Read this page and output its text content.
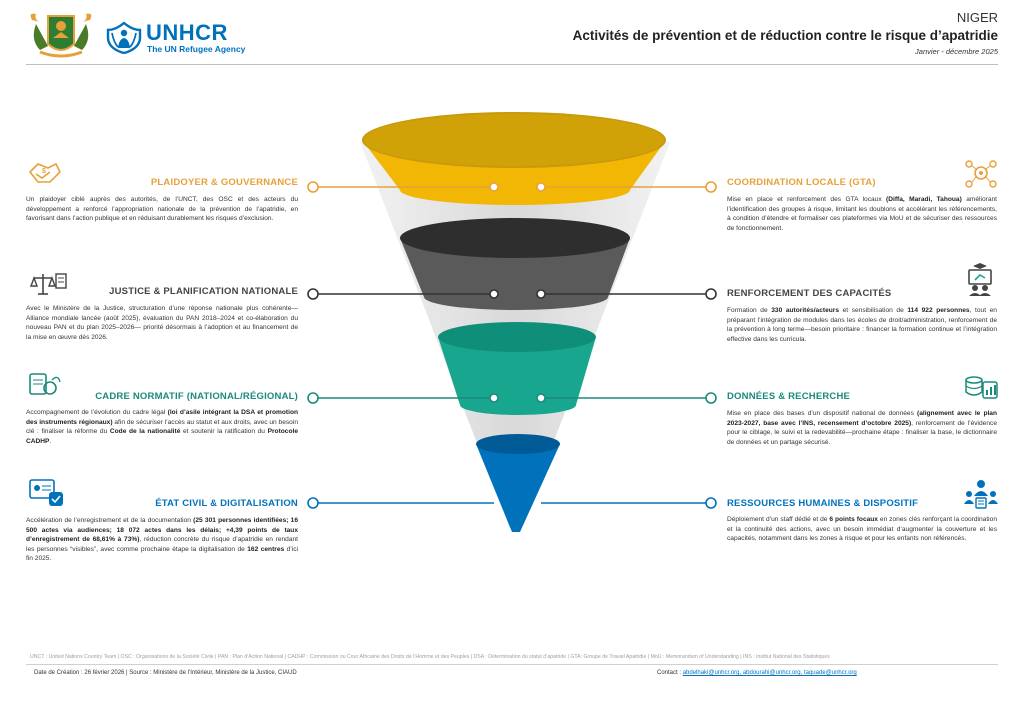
UNHCR
The UN Refugee Agency
NIGER
Activités de prévention et de réduction contre le risque d’apatridie
Janvier - décembre 2025
$
PLAIDOYER & GOUVERNANCE
Un plaidoyer ciblé auprès des autorités, de l’UNCT, des OSC et des acteurs du développement a renforcé l’appropriation nationale de la prévention de l’apatridie, en favorisant dans l’action publique et en réduisant durablement les risques d’exclusion.
JUSTICE & PLANIFICATION NATIONALE
Avec le Ministère de la Justice, structuration d’une réponse nationale plus cohérente—Alliance mondiale lancée (août 2025), évaluation du PAN 2018–2024 et co-élaboration du nouveau PAN et du plan 2025–2026— priorité désormais à l’adoption et au financement de la mise en œuvre dès 2026.
CADRE NORMATIF (NATIONAL/RÉGIONAL)
Accompagnement de l’évolution du cadre légal (loi d’asile intégrant la DSA et promotion des instruments régionaux) afin de sécuriser l’accès au statut et aux droits, avec un besoin clé : finaliser la réforme du Code de la nationalité et soutenir la ratification du Protocole CADHP.
ÉTAT CIVIL & DIGITALISATION
Accélération de l’enregistrement et de la documentation (25 301 personnes identifiées; 16 500 actes via audiences; 18 072 actes dans les délais; +4,39 points de taux d’enregistrement de 68,61% à 73%), réduction concrète du risque d’apatridie en rendant les personnes “visibles”, avec comme prochaine étape la digitalisation de 162 centres d’ici fin 2025.
COORDINATION LOCALE (GTA)
Mise en place et renforcement des GTA locaux (Diffa, Maradi, Tahoua) améliorant l’identification des groupes à risque, limitant les doublons et accélérant les référencements, à condition d’étendre et formaliser ces plateformes via MoU et de sécuriser des ressources de fonctionnement.
RENFORCEMENT DES CAPACITÉS
Formation de 330 autorités/acteurs et sensibilisation de 114 922 personnes, tout en préparant l’intégration de modules dans les écoles de droit/administration, renforcement de la prévention à long terme—besoin prioritaire : financer la formation continue et l’intégration effective dans les curricula.
DONNÉES & RECHERCHE
Mise en place des bases d’un dispositif national de données (alignement avec le plan 2023-2027, base avec l’INS, recensement d’octobre 2025), renforcement de l’évidence pour le ciblage, le suivi et la redevabilité—prochaine étape : finaliser la base, le dictionnaire de données et un partage sécurisé.
RESSOURCES HUMAINES & DISPOSITIF
Déploiement d’un staff dédié et de 6 points focaux en zones clés renforçant la coordination et la continuité des actions, avec un besoin immédiat d’augmenter la couverture et les capacités, notamment dans les zones à risque et pour les enfants non référencés.
UNCT : United Nations Country Team | OSC : Organisations de la Société Civile | PAN : Plan d’Action National | CADHP : Commission ou Cour Africaine des Droits de l’Homme et des Peuples | DSA : Détermination du statut d’apatride | GTA: Groupe de Travail Apatridie | MoU : Memorandum of Understanding | INS : Institut National des Statistiques
Date de Création : 26 février 2026 | Source : Ministère de l’Intérieur, Ministère de la Justice, CIAUD	Contact : abdelhaki@unhcr.org, abdourahi@unhcr.org, taguade@unhcr.org
